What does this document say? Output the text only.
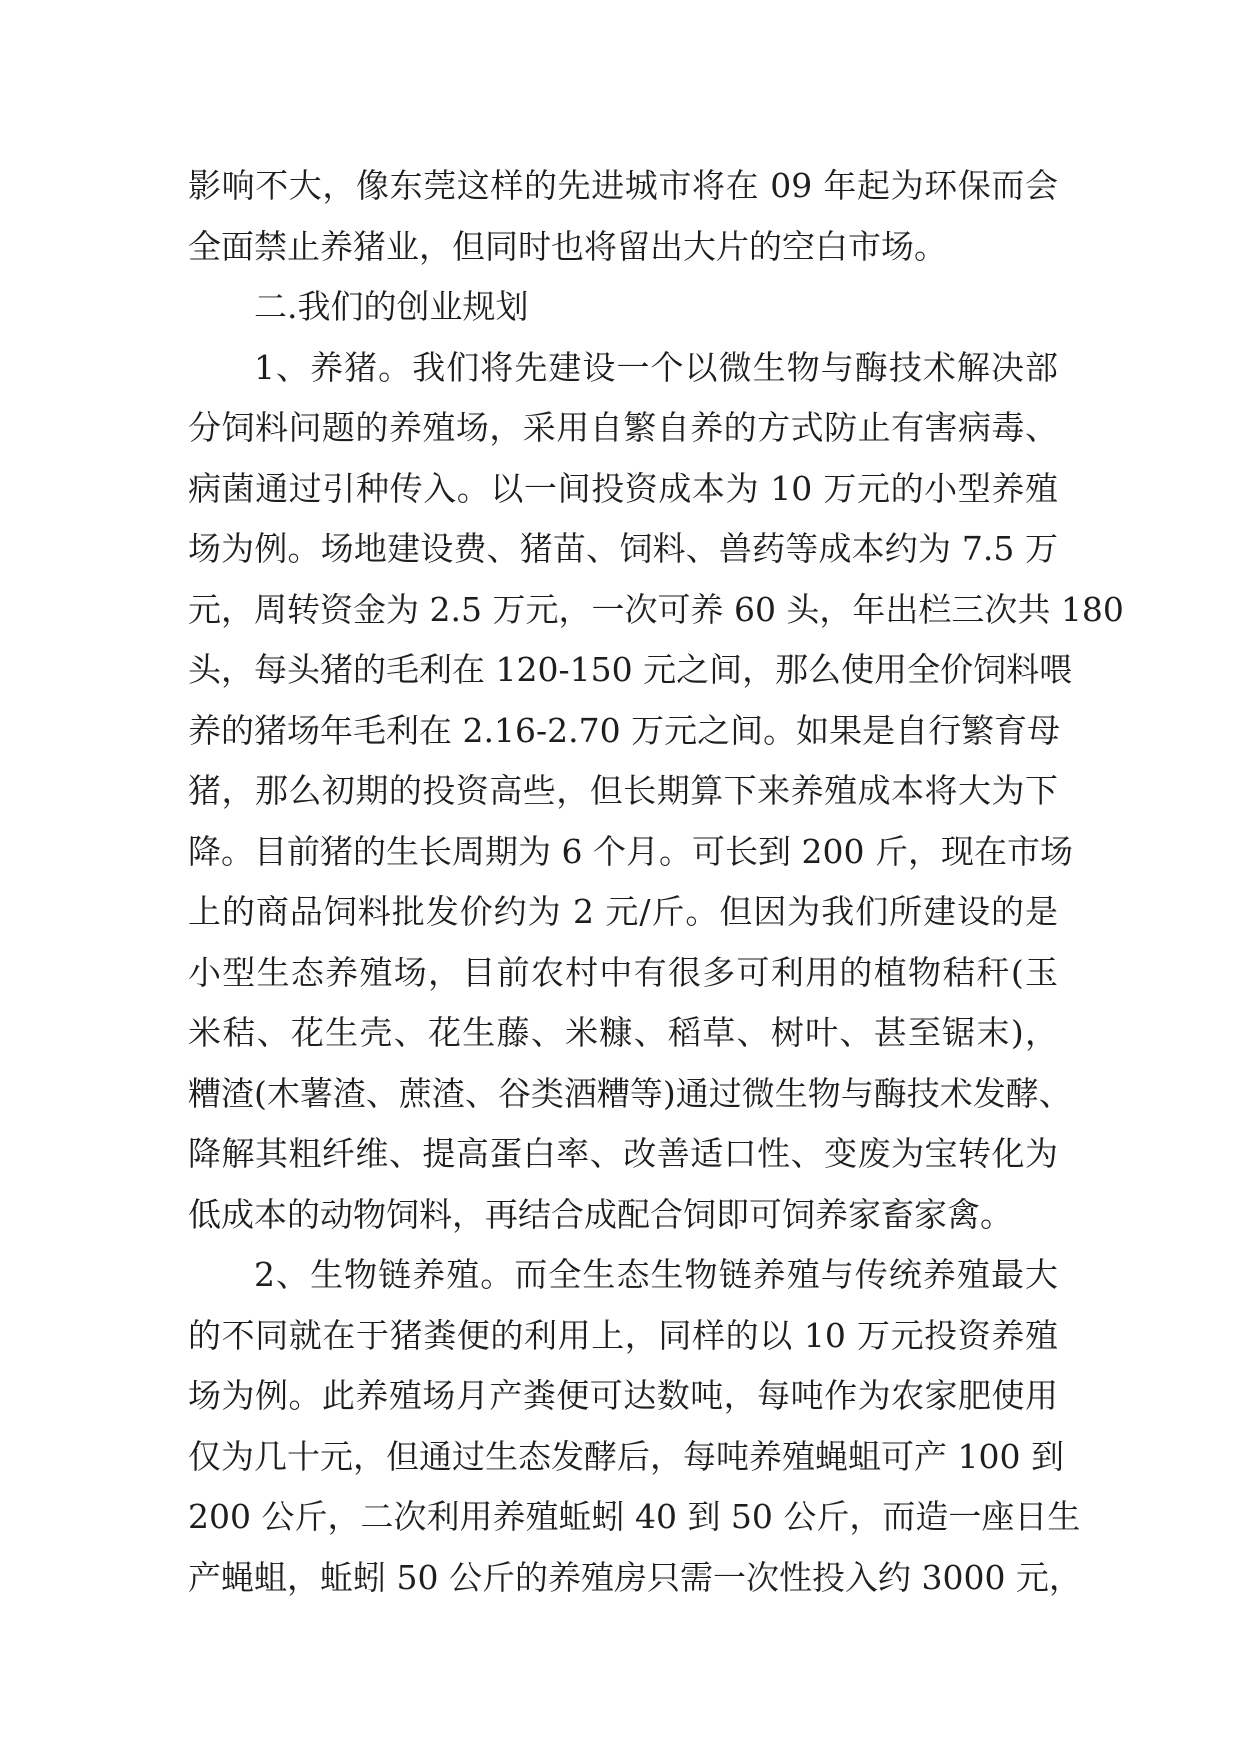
影响不大，像东莞这样的先进城市将在 09 年起为环保而会
全面禁止养猪业，但同时也将留出大片的空白市场。
二.我们的创业规划
1、养猪。我们将先建设一个以微生物与酶技术解决部
分饲料问题的养殖场，采用自繁自养的方式防止有害病毒、
病菌通过引种传入。以一间投资成本为 10 万元的小型养殖
场为例。场地建设费、猪苗、饲料、兽药等成本约为 7.5 万
元，周转资金为 2.5 万元，一次可养 60 头，年出栏三次共 180
头，每头猪的毛利在 120-150 元之间，那么使用全价饲料喂
养的猪场年毛利在 2.16-2.70 万元之间。如果是自行繁育母
猪，那么初期的投资高些，但长期算下来养殖成本将大为下
降。目前猪的生长周期为 6 个月。可长到 200 斤，现在市场
上的商品饲料批发价约为 2 元/斤。但因为我们所建设的是
小型生态养殖场，目前农村中有很多可利用的植物秸秆(玉
米秸、花生壳、花生藤、米糠、稻草、树叶、甚至锯末)，
糟渣(木薯渣、蔗渣、谷类酒糟等)通过微生物与酶技术发酵、
降解其粗纤维、提高蛋白率、改善适口性、变废为宝转化为
低成本的动物饲料，再结合成配合饲即可饲养家畜家禽。
2、生物链养殖。而全生态生物链养殖与传统养殖最大
的不同就在于猪粪便的利用上，同样的以 10 万元投资养殖
场为例。此养殖场月产粪便可达数吨，每吨作为农家肥使用
仅为几十元，但通过生态发酵后，每吨养殖蝇蛆可产 100 到
200 公斤，二次利用养殖蚯蚓 40 到 50 公斤，而造一座日生
产蝇蛆，蚯蚓 50 公斤的养殖房只需一次性投入约 3000 元，
